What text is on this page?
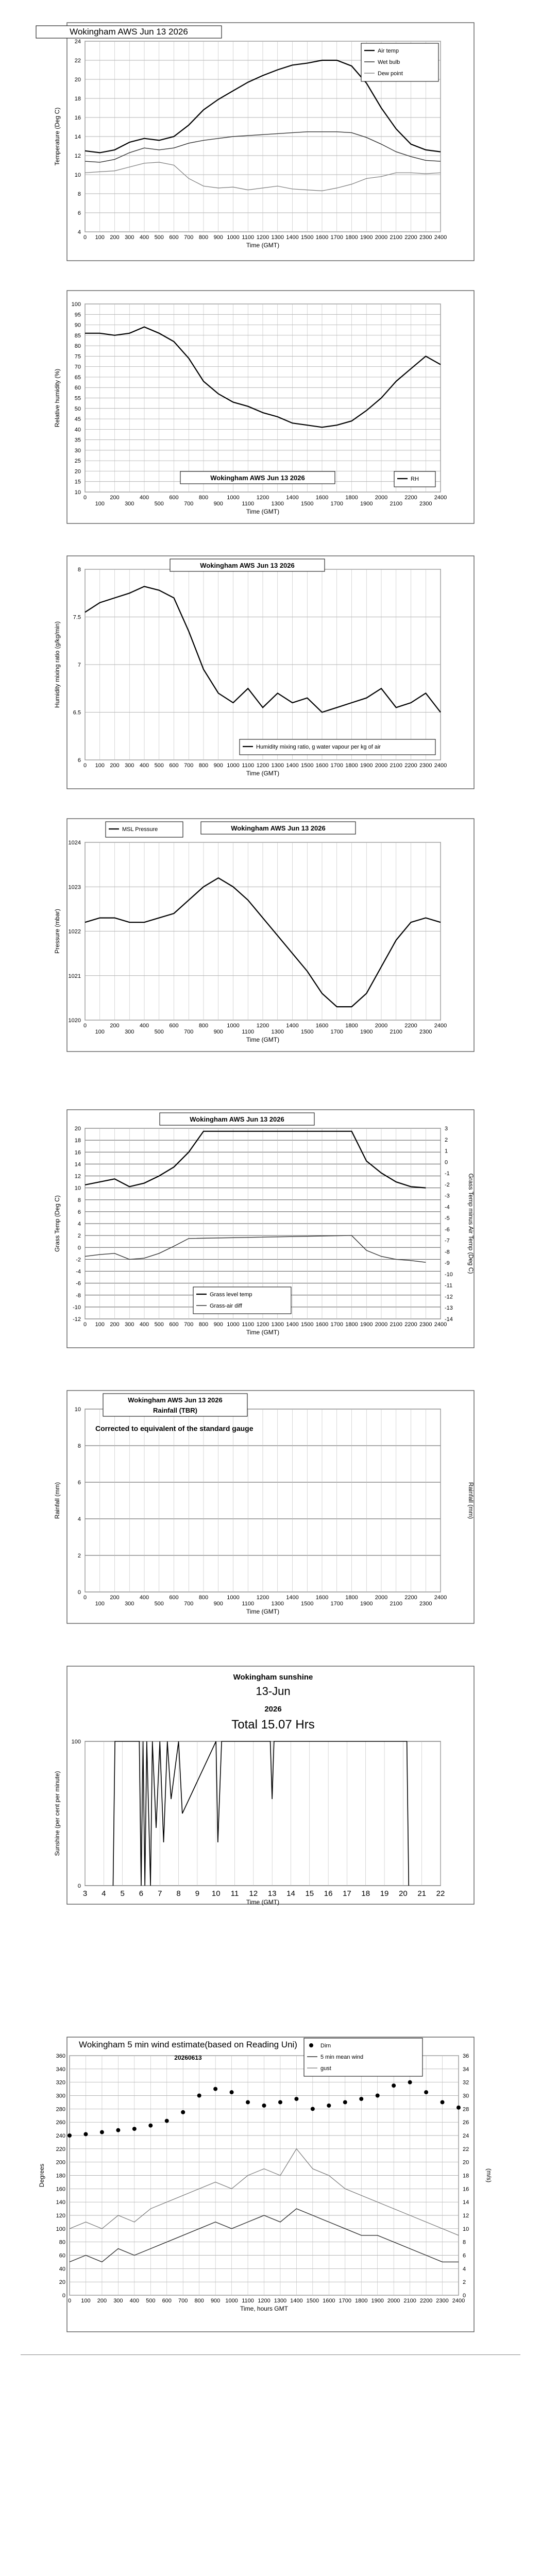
4
6
8
10
12
14
16
18
20
22
24
0 100 200 300 400 500 600 700 800 900 1000 1100 1200 1300 1400 1500 1600 1700 1800 1900 2000 2100 2200 2300 2400
Time (GMT)
Temperature (Deg C)
Wokingham AWS Jun 13 2026
Air temp
Wet bulb
Dew point
10
15
20
25
30
35
40
45
50
55
60
65
70
75
80
85
90
95
100
0
100
200
300
400
500
600
700
800
900
1000
1100
1200
1300
1400
1500
1600
1700
1800
1900
2000
2100
2200
2300
2400
Time (GMT)
Relative humidity (%)
Wokingham AWS Jun 13 2026	RH
6
6.5
7
7.5
8
0 100 200 300 400 500 600 700 800 900 1000 1100 1200 1300 1400 1500 1600 1700 1800 1900 2000 2100 2200 2300 2400
Time (GMT)
Humidity mixing ratio (g/kg/min)
Wokingham AWS Jun 13 2026
Humidity mixing ratio, g water vapour per kg of air
1020
1021
1022
1023
1024
0
100
200
300
400
500
600
700
800
900
1000
1100
1200
1300
1400
1500
1600
1700
1800
1900
2000
2100
2200
2300
2400
Time (GMT)
Pressure (mbar)
Wokingham AWS Jun 13 2026
MSL Pressure
-12
-10
-8
-6
-4
-2
0
2
4
6
8
10
12
14
16
18
20
0 100 200 300 400 500 600 700 800 900 1000 1100 1200 1300 1400 1500 1600 1700 1800 1900 2000 2100 2200 2300 2400
3
2
1
0
-1
-2
-3
-4
-5
-6
-7
-8
-9
-10
-11
-12
-13
-14
Grass Temp minus Air Temp (Deg C)
Time (GMT)
Grass Temp (Deg C)
Wokingham AWS Jun 13 2026
Grass level temp
Grass-air diff
0
2
4
6
8
10
0
100
200
300
400
500
600
700
800
900
1000
1100
1200
1300
1400
1500
1600
1700
1800
1900
2000
2100
2200
2300
2400
Rainfall (mm)
Time (GMT)
Rainfall (mm)
Wokingham AWS Jun 13 2026
Rainfall (TBR)
Corrected to equivalent of the standard gauge
0
100
3 4 5 6 7 8 9 10 11 12 13 14 15 16 17 18 19 20 21 22
Time (GMT)
Sunshine (per cent per minute)
Wokingham sunshine
13-Jun
2026
Total 15.07 Hrs
0
20
40
60
80
100
120
140
160
180
200
220
240
260
280
300
320
340
360
0 100 200 300 400 500 600 700 800 900 1000 1100 1200 1300 1400 1500 1600 1700 1800 1900 2000 2100 2200 2300 2400
0
2
4
6
8
10
12
14
16
18
20
22
24
26
28
30
32
34
36
(m/s)
Time, hours GMT
Degrees
Wokingham 5 min wind estimate(based on Reading Uni)
20260613
Dirn
5 min mean wind
gust
